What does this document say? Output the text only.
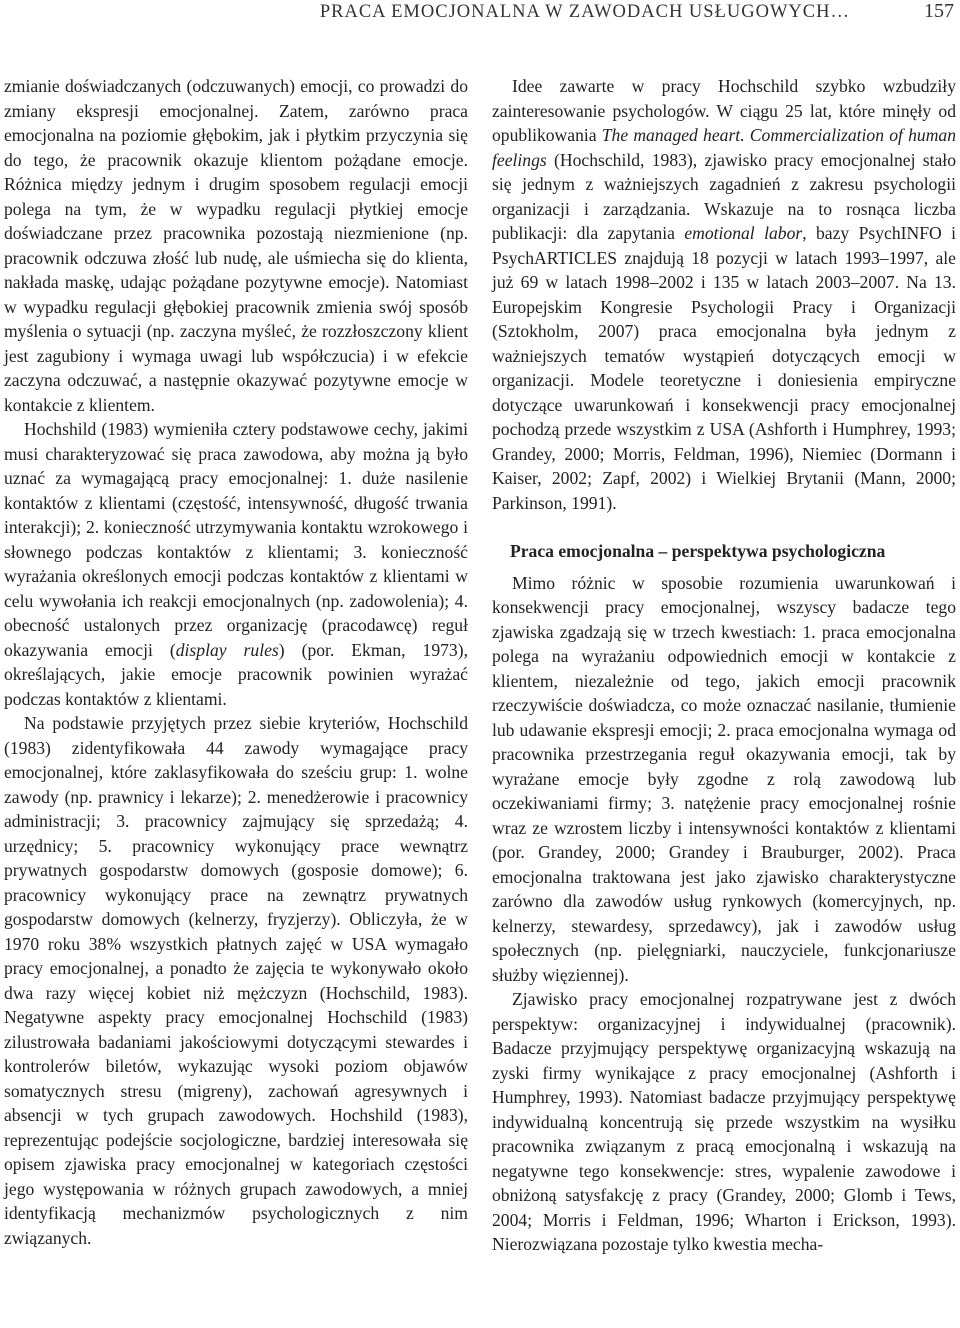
PRACA EMOCJONALNA W ZAWODACH USŁUGOWYCH…	157

zmianie doświadczanych (odczuwanych) emocji, co prowadzi do zmiany ekspresji emocjonalnej. Zatem, zarówno praca emocjonalna na poziomie głębokim, jak i płytkim przyczynia się do tego, że pracownik okazuje klientom pożądane emocje. Różnica między jednym i drugim sposobem regulacji emocji polega na tym, że w wypadku regulacji płytkiej emocje doświadczane przez pracownika pozostają niezmienione (np. pracownik odczuwa złość lub nudę, ale uśmiecha się do klienta, nakłada maskę, udając pożądane pozytywne emocje). Natomiast w wypadku regulacji głębokiej pracownik zmienia swój sposób myślenia o sytuacji (np. zaczyna myśleć, że rozzłoszczony klient jest zagubiony i wymaga uwagi lub współczucia) i w efekcie zaczyna odczuwać, a następnie okazywać pozytywne emocje w kontakcie z klientem.

Hochshild (1983) wymieniła cztery podstawowe cechy, jakimi musi charakteryzować się praca zawodowa, aby można ją było uznać za wymagającą pracy emocjonalnej: 1. duże nasilenie kontaktów z klientami (częstość, intensywność, długość trwania interakcji); 2. konieczność utrzymywania kontaktu wzrokowego i słownego podczas kontaktów z klientami; 3. konieczność wyrażania określonych emocji podczas kontaktów z klientami w celu wywołania ich reakcji emocjonalnych (np. zadowolenia); 4. obecność ustalonych przez organizację (pracodawcę) reguł okazywania emocji (display rules) (por. Ekman, 1973), określających, jakie emocje pracownik powinien wyrażać podczas kontaktów z klientami.

Na podstawie przyjętych przez siebie kryteriów, Hochschild (1983) zidentyfikowała 44 zawody wymagające pracy emocjonalnej, które zaklasyfikowała do sześciu grup: 1. wolne zawody (np. prawnicy i lekarze); 2. menedżerowie i pracownicy administracji; 3. pracownicy zajmujący się sprzedażą; 4. urzędnicy; 5. pracownicy wykonujący prace wewnątrz prywatnych gospodarstw domowych (gosposie domowe); 6. pracownicy wykonujący prace na zewnątrz prywatnych gospodarstw domowych (kelnerzy, fryzjerzy). Obliczyła, że w 1970 roku 38% wszystkich płatnych zajęć w USA wymagało pracy emocjonalnej, a ponadto że zajęcia te wykonywało około dwa razy więcej kobiet niż mężczyzn (Hochschild, 1983). Negatywne aspekty pracy emocjonalnej Hochschild (1983) zilustrowała badaniami jakościowymi dotyczącymi stewardes i kontrolerów biletów, wykazując wysoki poziom objawów somatycznych stresu (migreny), zachowań agresywnych i absencji w tych grupach zawodowych. Hochshild (1983), reprezentując podejście socjologiczne, bardziej interesowała się opisem zjawiska pracy emocjonalnej w kategoriach częstości jego występowania w różnych grupach zawodowych, a mniej identyfikacją mechanizmów psychologicznych z nim związanych.

Idee zawarte w pracy Hochschild szybko wzbudziły zainteresowanie psychologów. W ciągu 25 lat, które minęły od opublikowania The managed heart. Commercialization of human feelings (Hochschild, 1983), zjawisko pracy emocjonalnej stało się jednym z ważniejszych zagadnień z zakresu psychologii organizacji i zarządzania. Wskazuje na to rosnąca liczba publikacji: dla zapytania emotional labor, bazy PsychINFO i PsychARTICLES znajdują 18 pozycji w latach 1993–1997, ale już 69 w latach 1998–2002 i 135 w latach 2003–2007. Na 13. Europejskim Kongresie Psychologii Pracy i Organizacji (Sztokholm, 2007) praca emocjonalna była jednym z ważniejszych tematów wystąpień dotyczących emocji w organizacji. Modele teoretyczne i doniesienia empiryczne dotyczące uwarunkowań i konsekwencji pracy emocjonalnej pochodzą przede wszystkim z USA (Ashforth i Humphrey, 1993; Grandey, 2000; Morris, Feldman, 1996), Niemiec (Dormann i Kaiser, 2002; Zapf, 2002) i Wielkiej Brytanii (Mann, 2000; Parkinson, 1991).

Praca emocjonalna – perspektywa psychologiczna

Mimo różnic w sposobie rozumienia uwarunkowań i konsekwencji pracy emocjonalnej, wszyscy badacze tego zjawiska zgadzają się w trzech kwestiach: 1. praca emocjonalna polega na wyrażaniu odpowiednich emocji w kontakcie z klientem, niezależnie od tego, jakich emocji pracownik rzeczywiście doświadcza, co może oznaczać nasilanie, tłumienie lub udawanie ekspresji emocji; 2. praca emocjonalna wymaga od pracownika przestrzegania reguł okazywania emocji, tak by wyrażane emocje były zgodne z rolą zawodową lub oczekiwaniami firmy; 3. natężenie pracy emocjonalnej rośnie wraz ze wzrostem liczby i intensywności kontaktów z klientami (por. Grandey, 2000; Grandey i Brauburger, 2002). Praca emocjonalna traktowana jest jako zjawisko charakterystyczne zarówno dla zawodów usług rynkowych (komercyjnych, np. kelnerzy, stewardesy, sprzedawcy), jak i zawodów usług społecznych (np. pielęgniarki, nauczyciele, funkcjonariusze służby więziennej).

Zjawisko pracy emocjonalnej rozpatrywane jest z dwóch perspektyw: organizacyjnej i indywidualnej (pracownik). Badacze przyjmujący perspektywę organizacyjną wskazują na zyski firmy wynikające z pracy emocjonalnej (Ashforth i Humphrey, 1993). Natomiast badacze przyjmujący perspektywę indywidualną koncentrują się przede wszystkim na wysiłku pracownika związanym z pracą emocjonalną i wskazują na negatywne tego konsekwencje: stres, wypalenie zawodowe i obniżoną satysfakcję z pracy (Grandey, 2000; Glomb i Tews, 2004; Morris i Feldman, 1996; Wharton i Erickson, 1993). Nierozwiązana pozostaje tylko kwestia mecha-
